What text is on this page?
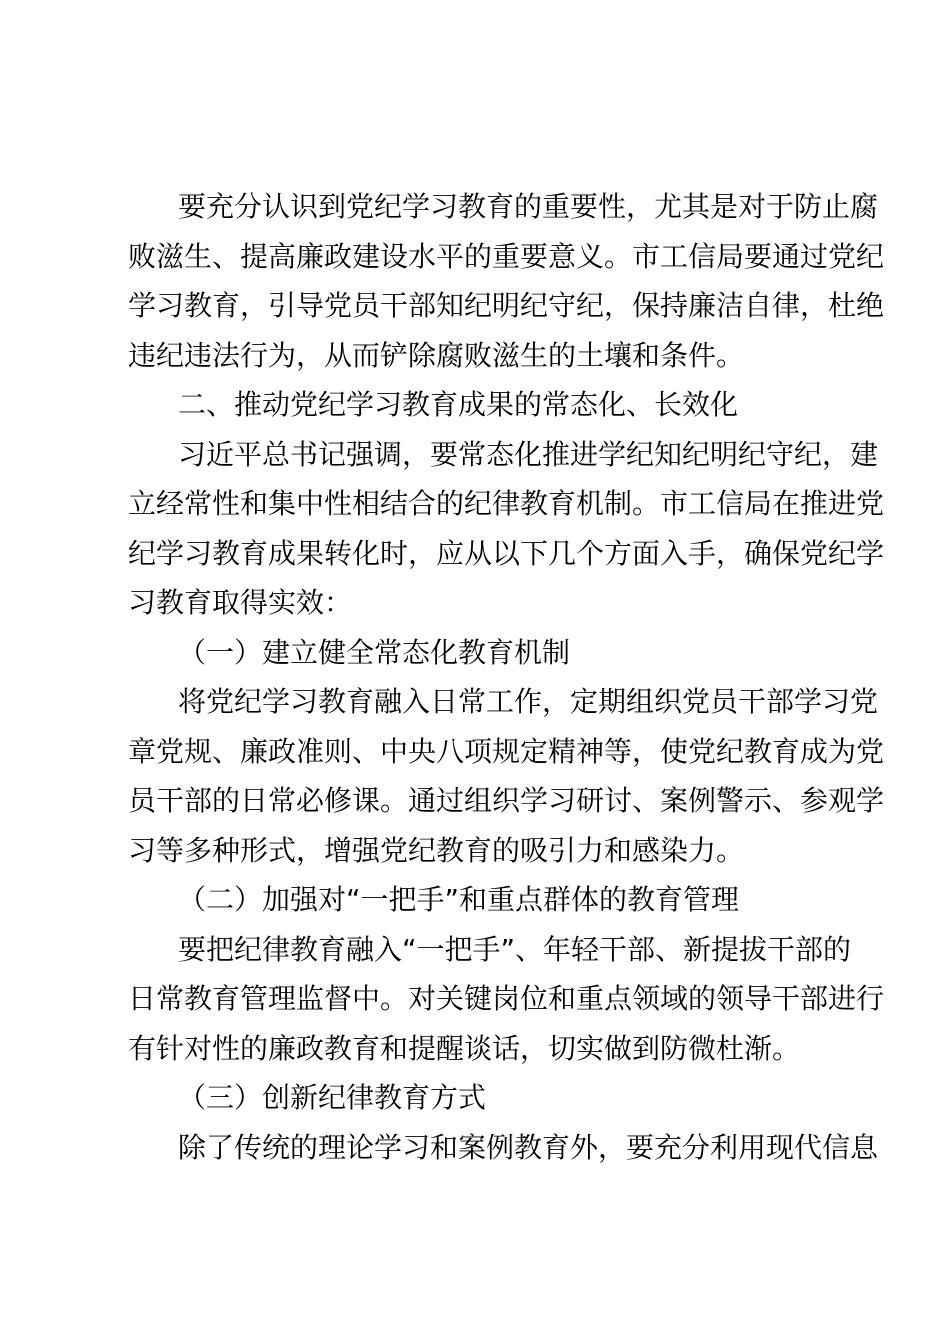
要充分认识到党纪学习教育的重要性，尤其是对于防止腐
败滋生、提高廉政建设水平的重要意义。市工信局要通过党纪
学习教育，引导党员干部知纪明纪守纪，保持廉洁自律，杜绝
违纪违法行为，从而铲除腐败滋生的土壤和条件。
二、推动党纪学习教育成果的常态化、长效化
习近平总书记强调，要常态化推进学纪知纪明纪守纪，建
立经常性和集中性相结合的纪律教育机制。市工信局在推进党
纪学习教育成果转化时，应从以下几个方面入手，确保党纪学
习教育取得实效：
（一）建立健全常态化教育机制
将党纪学习教育融入日常工作，定期组织党员干部学习党
章党规、廉政准则、中央八项规定精神等，使党纪教育成为党
员干部的日常必修课。通过组织学习研讨、案例警示、参观学
习等多种形式，增强党纪教育的吸引力和感染力。
（二）加强对“一把手”和重点群体的教育管理
要把纪律教育融入“一把手”、年轻干部、新提拔干部的
日常教育管理监督中。对关键岗位和重点领域的领导干部进行
有针对性的廉政教育和提醒谈话，切实做到防微杜渐。
（三）创新纪律教育方式
除了传统的理论学习和案例教育外，要充分利用现代信息
